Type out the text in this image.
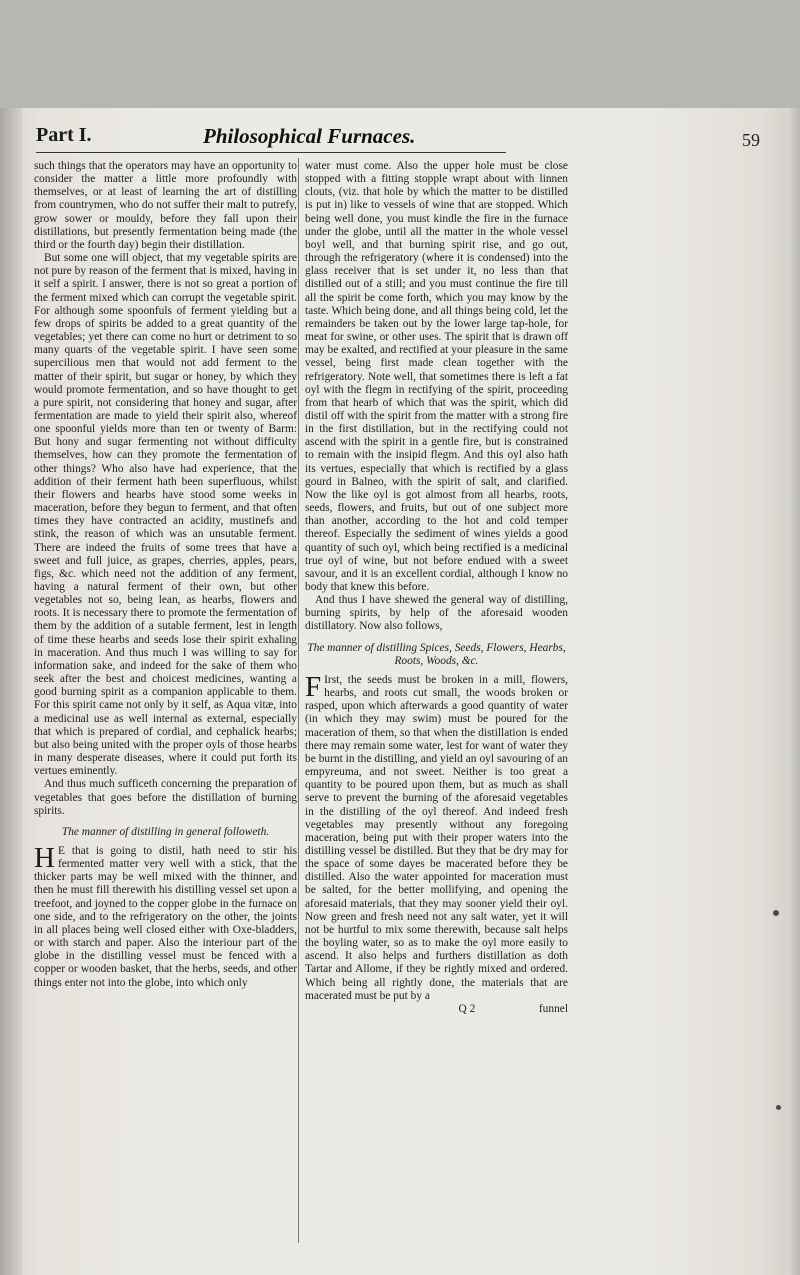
Part I.	Philosophical Furnaces.	59

such things that the operators may have an opportunity to consider the matter a little more profoundly with themselves, or at least of learning the art of distilling from countrymen, who do not suffer their malt to putrefy, grow sower or mouldy, before they fall upon their distillations, but presently fermentation being made (the third or the fourth day) begin their distillation.

But some one will object, that my vegetable spirits are not pure by reason of the ferment that is mixed, having in it self a spirit. I answer, there is not so great a portion of the ferment mixed which can corrupt the vegetable spirit. For although some spoonfuls of ferment yielding but a few drops of spirits be added to a great quantity of the vegetables; yet there can come no hurt or detriment to so many quarts of the vegetable spirit. I have seen some supercilious men that would not add ferment to the matter of their spirit, but sugar or honey, by which they would promote fermentation, and so have thought to get a pure spirit, not considering that honey and sugar, after fermentation are made to yield their spirit also, whereof one spoonful yields more than ten or twenty of Barm: But hony and sugar fermenting not without difficulty themselves, how can they promote the fermentation of other things? Who also have had experience, that the addition of their ferment hath been superfluous, whilst their flowers and hearbs have stood some weeks in maceration, before they begun to ferment, and that often times they have contracted an acidity, mustinefs and stink, the reason of which was an unsutable ferment. There are indeed the fruits of some trees that have a sweet and full juice, as grapes, cherries, apples, pears, figs, &c. which need not the addition of any ferment, having a natural ferment of their own, but other vegetables not so, being lean, as hearbs, flowers and roots. It is necessary there to promote the fermentation of them by the addition of a sutable ferment, lest in length of time these hearbs and seeds lose their spirit exhaling in maceration. And thus much I was willing to say for information sake, and indeed for the sake of them who seek after the best and choicest medicines, wanting a good burning spirit as a companion applicable to them. For this spirit came not only by it self, as Aqua vitæ, into a medicinal use as well internal as external, especially that which is prepared of cordial, and cephalick hearbs; but also being united with the proper oyls of those hearbs in many desperate diseases, where it could put forth its vertues eminently.

And thus much sufficeth concerning the preparation of vegetables that goes before the distillation of burning spirits.

The manner of distilling in general followeth.

H E that is going to distil, hath need to stir his fermented matter very well with a stick, that the thicker parts may be well mixed with the thinner, and then he must fill therewith his distilling vessel set upon a treefoot, and joyned to the copper globe in the furnace on one side, and to the refrigeratory on the other, the joints in all places being well closed either with Oxe-bladders, or with starch and paper. Also the interiour part of the globe in the distilling vessel must be fenced with a copper or wooden basket, that the herbs, seeds, and other things enter not into the globe, into which only

water must come. Also the upper hole must be close stopped with a fitting stopple wrapt about with linnen clouts, (viz. that hole by which the matter to be distilled is put in) like to vessels of wine that are stopped. Which being well done, you must kindle the fire in the furnace under the globe, until all the matter in the whole vessel boyl well, and that burning spirit rise, and go out, through the refrigeratory (where it is condensed) into the glass receiver that is set under it, no less than that distilled out of a still; and you must continue the fire till all the spirit be come forth, which you may know by the taste. Which being done, and all things being cold, let the remainders be taken out by the lower large tap-hole, for meat for swine, or other uses. The spirit that is drawn off may be exalted, and rectified at your pleasure in the same vessel, being first made clean together with the refrigeratory. Note well, that sometimes there is left a fat oyl with the flegm in rectifying of the spirit, proceeding from that hearb of which that was the spirit, which did distil off with the spirit from the matter with a strong fire in the first distillation, but in the rectifying could not ascend with the spirit in a gentle fire, but is constrained to remain with the insipid flegm. And this oyl also hath its vertues, especially that which is rectified by a glass gourd in Balneo, with the spirit of salt, and clarified. Now the like oyl is got almost from all hearbs, roots, seeds, flowers, and fruits, but out of one subject more than another, according to the hot and cold temper thereof. Especially the sediment of wines yields a good quantity of such oyl, which being rectified is a medicinal true oyl of wine, but not before endued with a sweet savour, and it is an excellent cordial, although I know no body that knew this before.

And thus I have shewed the general way of distilling, burning spirits, by help of the aforesaid wooden distillatory. Now also follows,

The manner of distilling Spices, Seeds, Flowers, Hearbs, Roots, Woods, &c.

F Irst, the seeds must be broken in a mill, flowers, hearbs, and roots cut small, the woods broken or rasped, upon which afterwards a good quantity of water (in which they may swim) must be poured for the maceration of them, so that when the distillation is ended there may remain some water, lest for want of water they be burnt in the distilling, and yield an oyl savouring of an empyreuma, and not sweet. Neither is too great a quantity to be poured upon them, but as much as shall serve to prevent the burning of the aforesaid vegetables in the distilling of the oyl thereof. And indeed fresh vegetables may presently without any foregoing maceration, being put with their proper waters into the distilling vessel be distilled. But they that be dry may for the space of some dayes be macerated before they be distilled. Also the water appointed for maceration must be salted, for the better mollifying, and opening the aforesaid materials, that they may sooner yield their oyl. Now green and fresh need not any salt water, yet it will not be hurtful to mix some therewith, because salt helps the boyling water, so as to make the oyl more easily to ascend. It also helps and furthers distillation as doth Tartar and Allome, if they be rightly mixed and ordered. Which being all rightly done, the materials that are macerated must be put by a

Q 2	funnel
